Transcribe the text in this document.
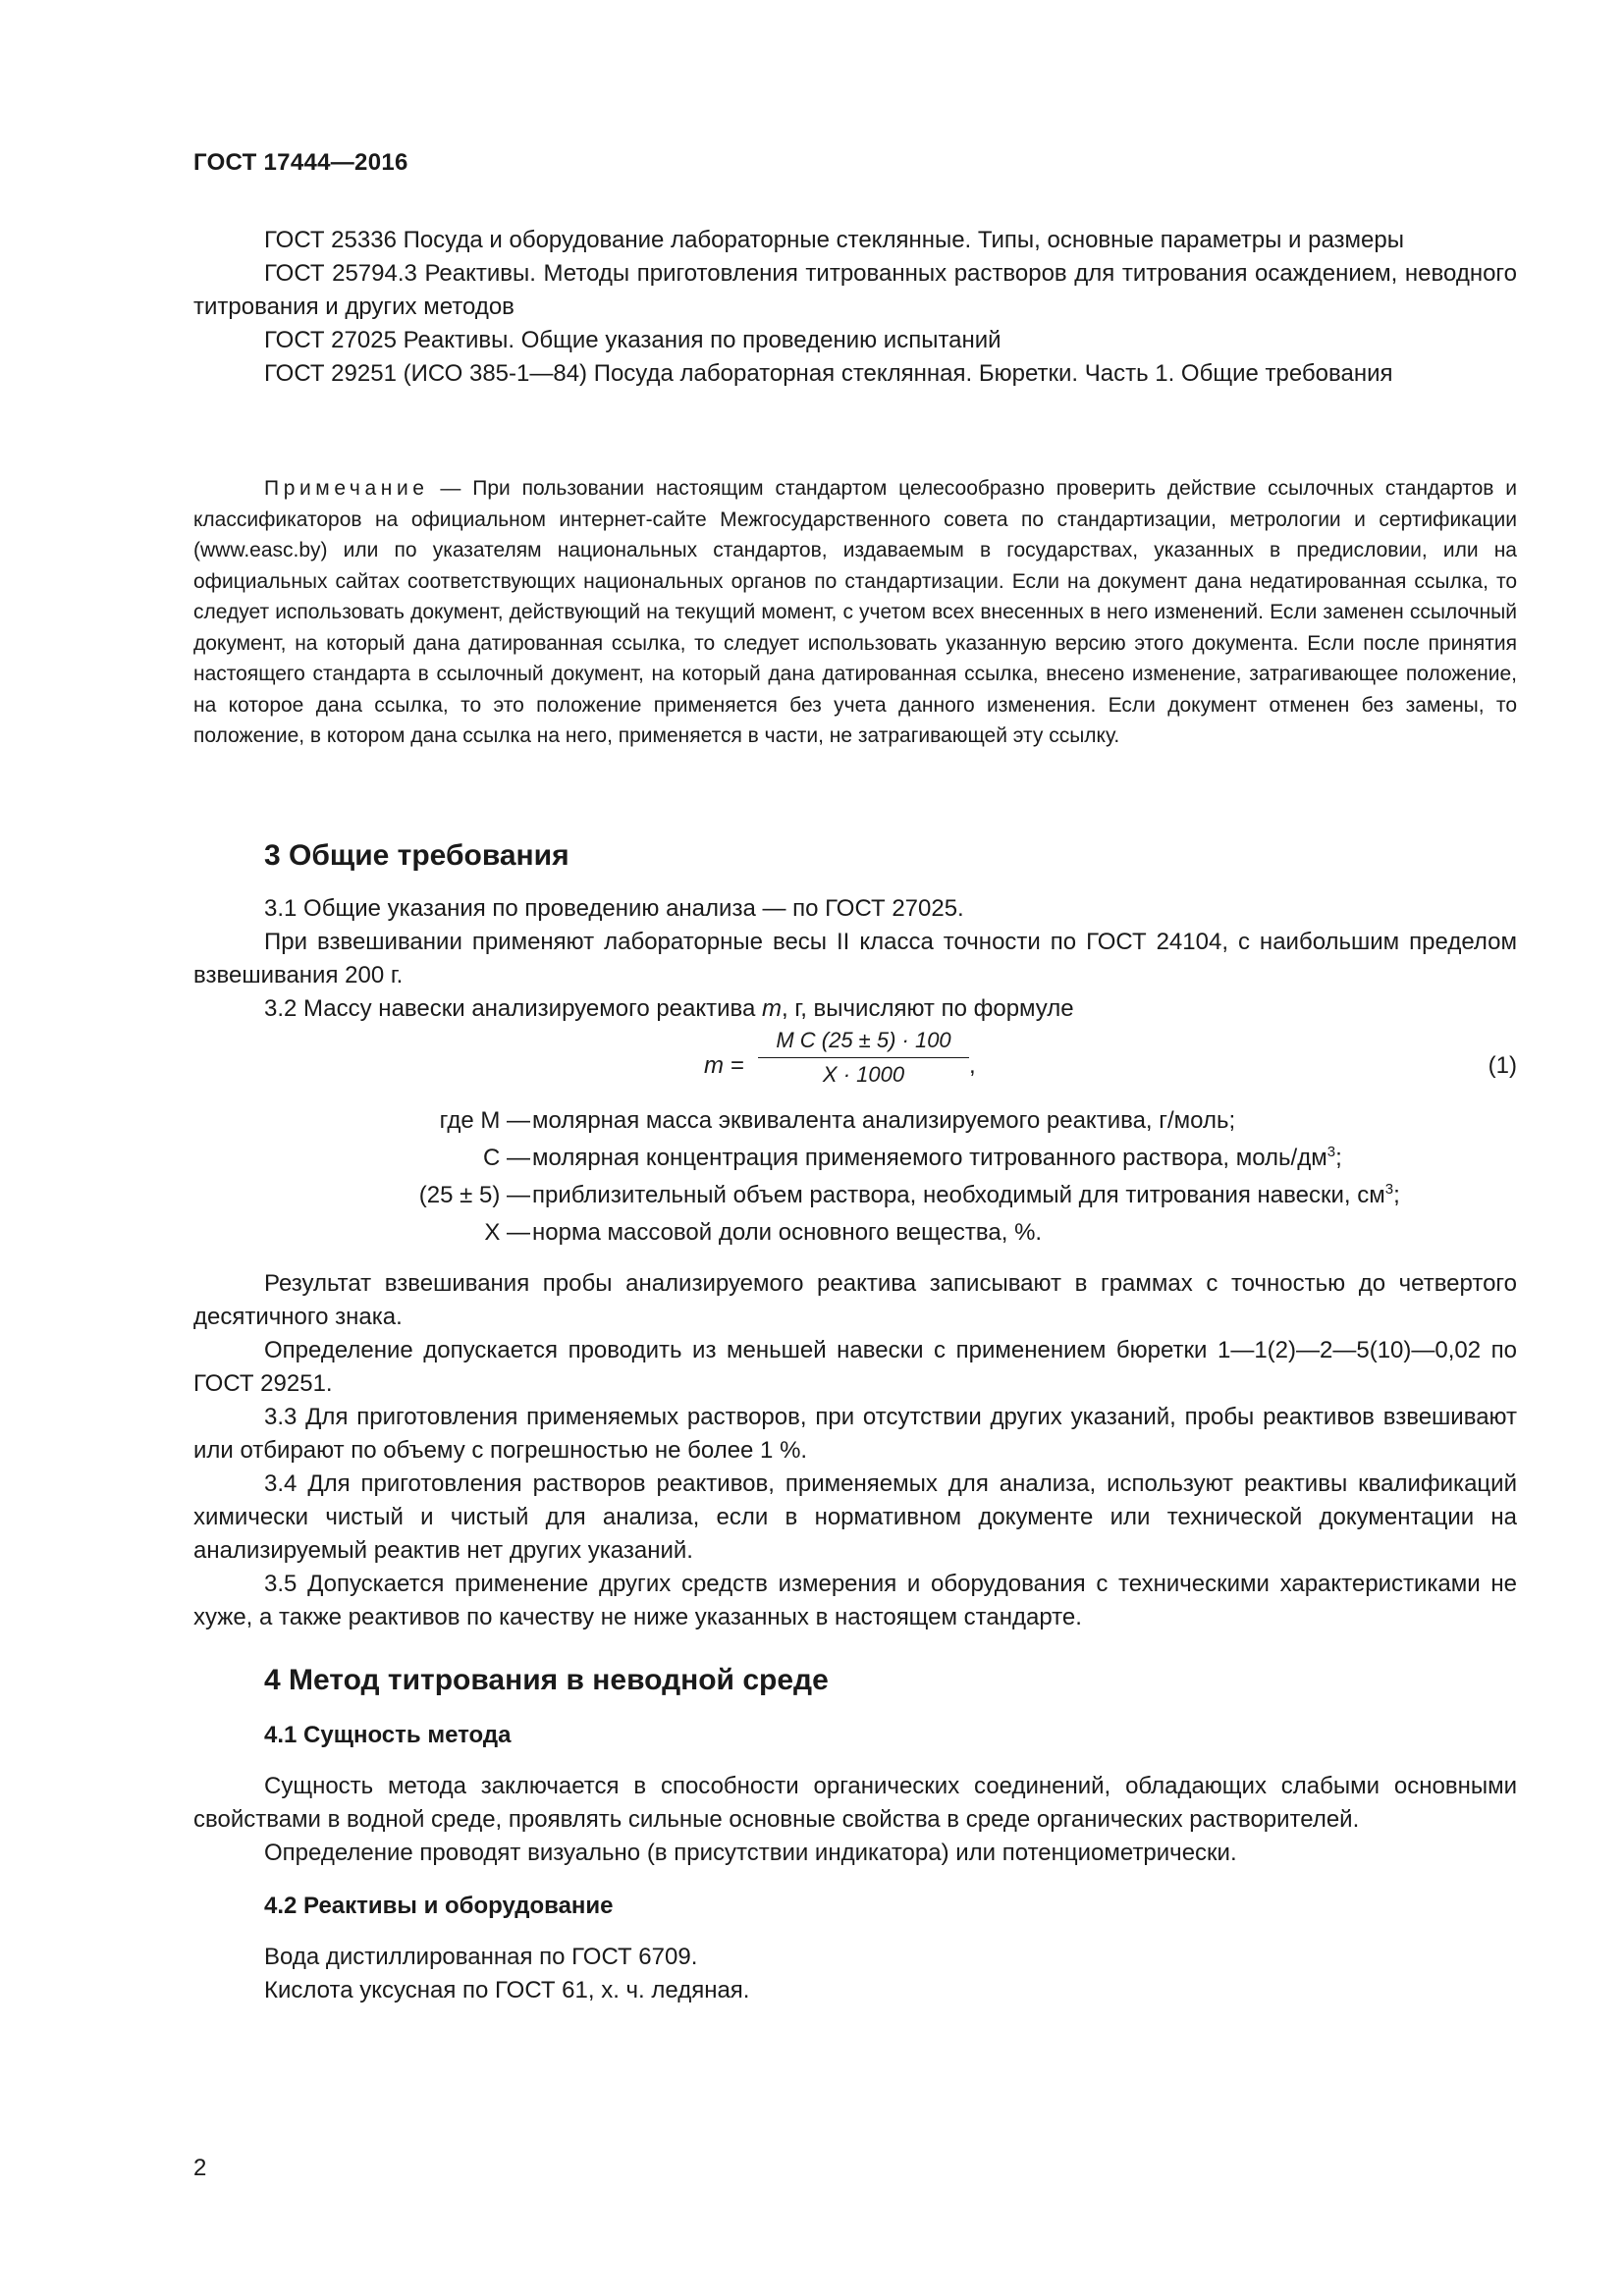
ГОСТ 17444—2016

ГОСТ 25336 Посуда и оборудование лабораторные стеклянные. Типы, основные параметры и размеры

ГОСТ 25794.3 Реактивы. Методы приготовления титрованных растворов для титрования осаждением, неводного титрования и других методов

ГОСТ 27025 Реактивы. Общие указания по проведению испытаний

ГОСТ 29251 (ИСО 385-1—84) Посуда лабораторная стеклянная. Бюретки. Часть 1. Общие требования

Примечание — При пользовании настоящим стандартом целесообразно проверить действие ссылочных стандартов и классификаторов на официальном интернет-сайте Межгосударственного совета по стандартизации, метрологии и сертификации (www.easc.by) или по указателям национальных стандартов, издаваемым в государствах, указанных в предисловии, или на официальных сайтах соответствующих национальных органов по стандартизации. Если на документ дана недатированная ссылка, то следует использовать документ, действующий на текущий момент, с учетом всех внесенных в него изменений. Если заменен ссылочный документ, на который дана датированная ссылка, то следует использовать указанную версию этого документа. Если после принятия настоящего стандарта в ссылочный документ, на который дана датированная ссылка, внесено изменение, затрагивающее положение, на которое дана ссылка, то это положение применяется без учета данного изменения. Если документ отменен без замены, то положение, в котором дана ссылка на него, применяется в части, не затрагивающей эту ссылку.

3 Общие требования

3.1 Общие указания по проведению анализа — по ГОСТ 27025.

При взвешивании применяют лабораторные весы II класса точности по ГОСТ 24104, с наибольшим пределом взвешивания 200 г.

3.2 Массу навески анализируемого реактива m, г, вычисляют по формуле

m =
M C (25 ± 5) · 100
X · 1000	,	(1)
где M — молярная масса эквивалента анализируемого реактива, г/моль;
C — молярная концентрация применяемого титрованного раствора, моль/$дм^3$;
(25 ± 5) — приблизительный объем раствора, необходимый для титрования навески, $см^3$;
X — норма массовой доли основного вещества, %.

Результат взвешивания пробы анализируемого реактива записывают в граммах с точностью до четвертого десятичного знака.

Определение допускается проводить из меньшей навески с применением бюретки 1—1(2)—2—5(10)—0,02 по ГОСТ 29251.

3.3 Для приготовления применяемых растворов, при отсутствии других указаний, пробы реактивов взвешивают или отбирают по объему с погрешностью не более 1 %.

3.4 Для приготовления растворов реактивов, применяемых для анализа, используют реактивы квалификаций химически чистый и чистый для анализа, если в нормативном документе или технической документации на анализируемый реактив нет других указаний.

3.5 Допускается применение других средств измерения и оборудования с техническими характеристиками не хуже, а также реактивов по качеству не ниже указанных в настоящем стандарте.

4 Метод титрования в неводной среде

4.1 Сущность метода

Сущность метода заключается в способности органических соединений, обладающих слабыми основными свойствами в водной среде, проявлять сильные основные свойства в среде органических растворителей.

Определение проводят визуально (в присутствии индикатора) или потенциометрически.

4.2 Реактивы и оборудование

Вода дистиллированная по ГОСТ 6709.

Кислота уксусная по ГОСТ 61, х. ч. ледяная.

2
